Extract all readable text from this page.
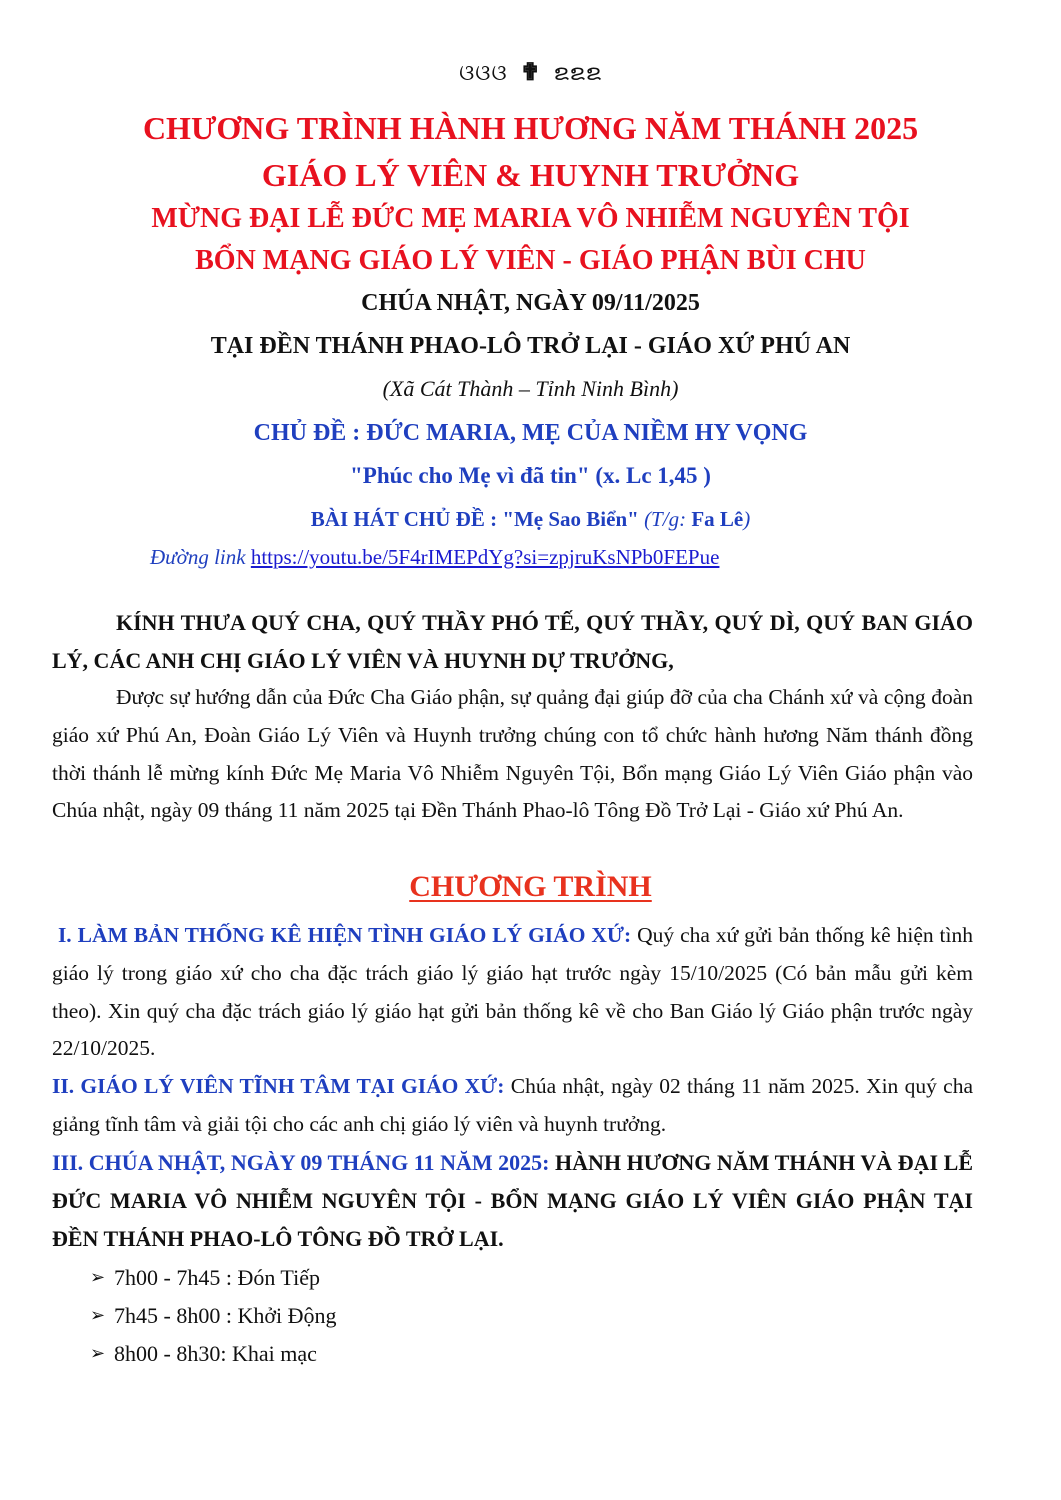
ଓଓଓ ✟ ຂຂຂ
CHƯƠNG TRÌNH HÀNH HƯƠNG NĂM THÁNH 2025
GIÁO LÝ VIÊN & HUYNH TRƯỞNG
MỪNG ĐẠI LỄ ĐỨC MẸ MARIA VÔ NHIỄM NGUYÊN TỘI
BỔN MẠNG GIÁO LÝ VIÊN - GIÁO PHẬN BÙI CHU
CHÚA NHẬT, NGÀY 09/11/2025
TẠI ĐỀN THÁNH PHAO-LÔ TRỞ LẠI - GIÁO XỨ PHÚ AN
(Xã Cát Thành – Tỉnh Ninh Bình)
CHỦ ĐỀ : ĐỨC MARIA, MẸ CỦA NIỀM HY VỌNG
"Phúc cho Mẹ vì đã tin" (x. Lc 1,45 )
BÀI HÁT CHỦ ĐỀ : "Mẹ Sao Biển" (T/g: Fa Lê)
Đường link https://youtu.be/5F4rIMEPdYg?si=zpjruKsNPb0FEPue
KÍNH THƯA QUÝ CHA, QUÝ THẦY PHÓ TẾ, QUÝ THẦY, QUÝ DÌ, QUÝ BAN GIÁO LÝ, CÁC ANH CHỊ GIÁO LÝ VIÊN VÀ HUYNH DỰ TRƯỞNG,
Được sự hướng dẫn của Đức Cha Giáo phận, sự quảng đại giúp đỡ của cha Chánh xứ và cộng đoàn giáo xứ Phú An, Đoàn Giáo Lý Viên và Huynh trưởng chúng con tổ chức hành hương Năm thánh đồng thời thánh lễ mừng kính Đức Mẹ Maria Vô Nhiễm Nguyên Tội, Bổn mạng Giáo Lý Viên Giáo phận vào Chúa nhật, ngày 09 tháng 11 năm 2025 tại Đền Thánh Phao-lô Tông Đồ Trở Lại - Giáo xứ Phú An.
CHƯƠNG TRÌNH
I. LÀM BẢN THỐNG KÊ HIỆN TÌNH GIÁO LÝ GIÁO XỨ: Quý cha xứ gửi bản thống kê hiện tình giáo lý trong giáo xứ cho cha đặc trách giáo lý giáo hạt trước ngày 15/10/2025 (Có bản mẫu gửi kèm theo). Xin quý cha đặc trách giáo lý giáo hạt gửi bản thống kê về cho Ban Giáo lý Giáo phận trước ngày 22/10/2025.
II. GIÁO LÝ VIÊN TĨNH TÂM TẠI GIÁO XỨ: Chúa nhật, ngày 02 tháng 11 năm 2025. Xin quý cha giảng tĩnh tâm và giải tội cho các anh chị giáo lý viên và huynh trưởng.
III. CHÚA NHẬT, NGÀY 09 THÁNG 11 NĂM 2025: HÀNH HƯƠNG NĂM THÁNH VÀ ĐẠI LỄ ĐỨC MARIA VÔ NHIỄM NGUYÊN TỘI - BỔN MẠNG GIÁO LÝ VIÊN GIÁO PHẬN TẠI ĐỀN THÁNH PHAO-LÔ TÔNG ĐỒ TRỞ LẠI.
➢ 7h00 - 7h45 : Đón Tiếp
➢ 7h45 - 8h00 : Khởi Động
➢ 8h00 - 8h30: Khai mạc
